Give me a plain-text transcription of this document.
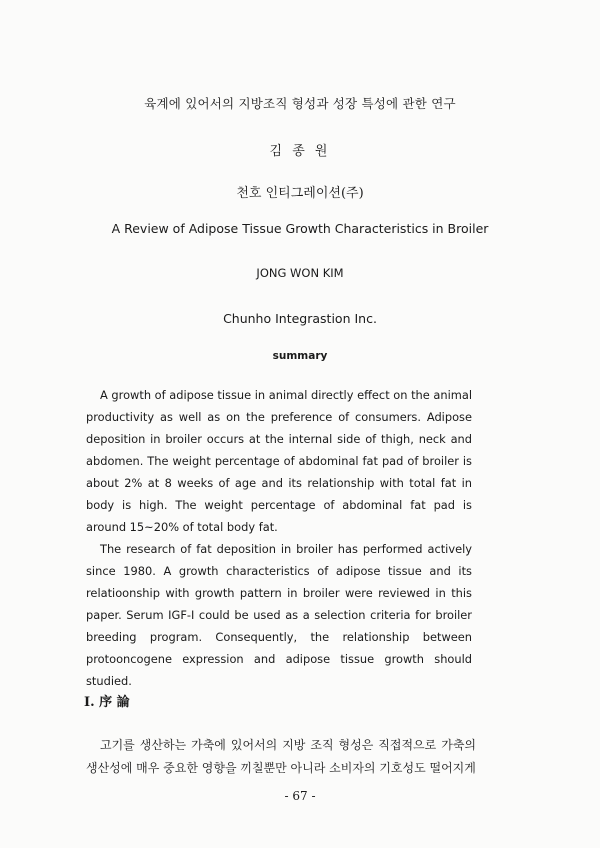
육계에 있어서의 지방조직 형성과 성장 특성에 관한 연구
김 종 원
천호 인티그레이션(주)
A Review of Adipose Tissue Growth Characteristics in Broiler
JONG WON KIM
Chunho Integrastion Inc.
summary
A growth of adipose tissue in animal directly effect on the animal productivity as well as on the preference of consumers. Adipose deposition in broiler occurs at the internal side of thigh, neck and abdomen. The weight percentage of abdominal fat pad of broiler is about 2% at 8 weeks of age and its relationship with total fat in body is high. The weight percentage of abdominal fat pad is around 15~20% of total body fat.
The research of fat deposition in broiler has performed actively since 1980. A growth characteristics of adipose tissue and its relatioonship with growth pattern in broiler were reviewed in this paper. Serum IGF-I could be used as a selection criteria for broiler breeding program. Consequently, the relationship between protooncogene expression and adipose tissue growth should studied.
Ⅰ. 序 論
고기를 생산하는 가축에 있어서의 지방 조직 형성은 직접적으로 가축의 생산성에 매우 중요한 영향을 끼칠뿐만 아니라 소비자의 기호성도 떨어지게
- 67 -
